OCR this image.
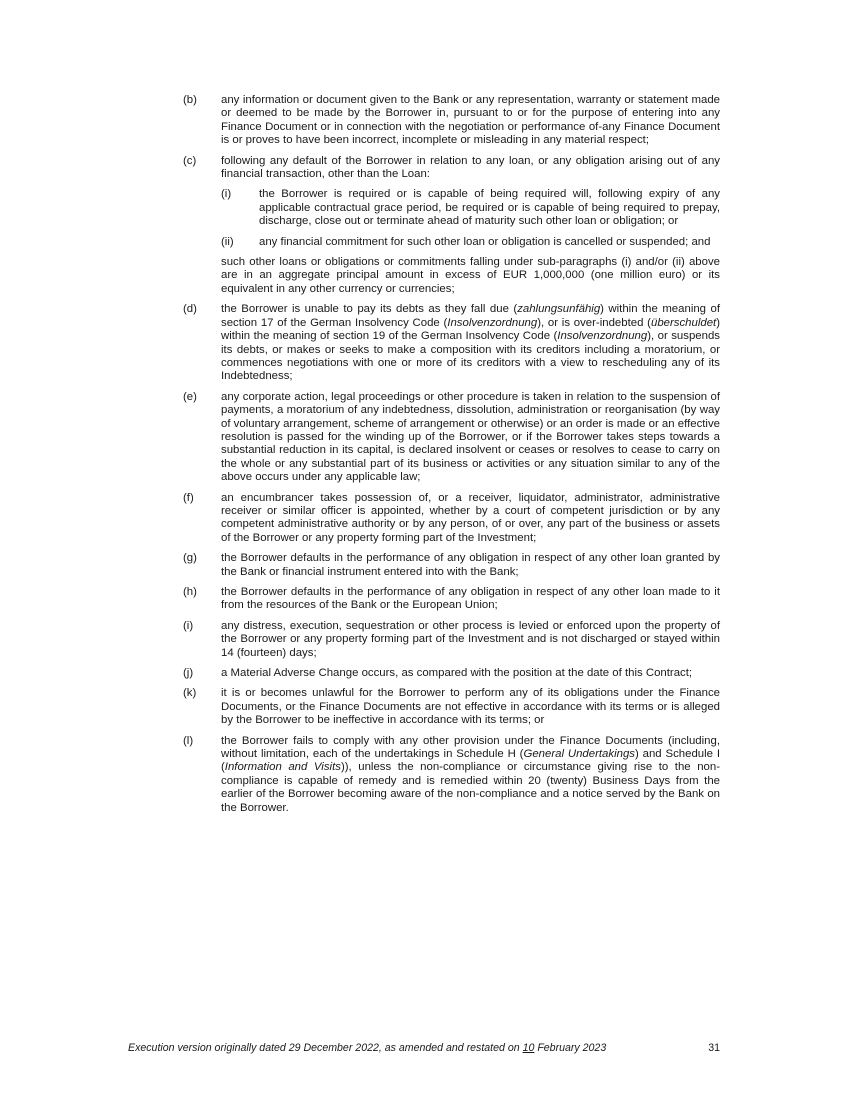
(b) any information or document given to the Bank or any representation, warranty or statement made or deemed to be made by the Borrower in, pursuant to or for the purpose of entering into any Finance Document or in connection with the negotiation or performance of-any Finance Document is or proves to have been incorrect, incomplete or misleading in any material respect;
(c) following any default of the Borrower in relation to any loan, or any obligation arising out of any financial transaction, other than the Loan:
(i) the Borrower is required or is capable of being required will, following expiry of any applicable contractual grace period, be required or is capable of being required to prepay, discharge, close out or terminate ahead of maturity such other loan or obligation; or
(ii) any financial commitment for such other loan or obligation is cancelled or suspended; and
such other loans or obligations or commitments falling under sub-paragraphs (i) and/or (ii) above are in an aggregate principal amount in excess of EUR 1,000,000 (one million euro) or its equivalent in any other currency or currencies;
(d) the Borrower is unable to pay its debts as they fall due (zahlungsunfähig) within the meaning of section 17 of the German Insolvency Code (Insolvenzordnung), or is over-indebted (überschuldet) within the meaning of section 19 of the German Insolvency Code (Insolvenzordnung), or suspends its debts, or makes or seeks to make a composition with its creditors including a moratorium, or commences negotiations with one or more of its creditors with a view to rescheduling any of its Indebtedness;
(e) any corporate action, legal proceedings or other procedure is taken in relation to the suspension of payments, a moratorium of any indebtedness, dissolution, administration or reorganisation (by way of voluntary arrangement, scheme of arrangement or otherwise) or an order is made or an effective resolution is passed for the winding up of the Borrower, or if the Borrower takes steps towards a substantial reduction in its capital, is declared insolvent or ceases or resolves to cease to carry on the whole or any substantial part of its business or activities or any situation similar to any of the above occurs under any applicable law;
(f) an encumbrancer takes possession of, or a receiver, liquidator, administrator, administrative receiver or similar officer is appointed, whether by a court of competent jurisdiction or by any competent administrative authority or by any person, of or over, any part of the business or assets of the Borrower or any property forming part of the Investment;
(g) the Borrower defaults in the performance of any obligation in respect of any other loan granted by the Bank or financial instrument entered into with the Bank;
(h) the Borrower defaults in the performance of any obligation in respect of any other loan made to it from the resources of the Bank or the European Union;
(i) any distress, execution, sequestration or other process is levied or enforced upon the property of the Borrower or any property forming part of the Investment and is not discharged or stayed within 14 (fourteen) days;
(j) a Material Adverse Change occurs, as compared with the position at the date of this Contract;
(k) it is or becomes unlawful for the Borrower to perform any of its obligations under the Finance Documents, or the Finance Documents are not effective in accordance with its terms or is alleged by the Borrower to be ineffective in accordance with its terms; or
(l) the Borrower fails to comply with any other provision under the Finance Documents (including, without limitation, each of the undertakings in Schedule H (General Undertakings) and Schedule I (Information and Visits)), unless the non-compliance or circumstance giving rise to the non-compliance is capable of remedy and is remedied within 20 (twenty) Business Days from the earlier of the Borrower becoming aware of the non-compliance and a notice served by the Bank on the Borrower.
Execution version originally dated 29 December 2022, as amended and restated on 10 February 2023	31
